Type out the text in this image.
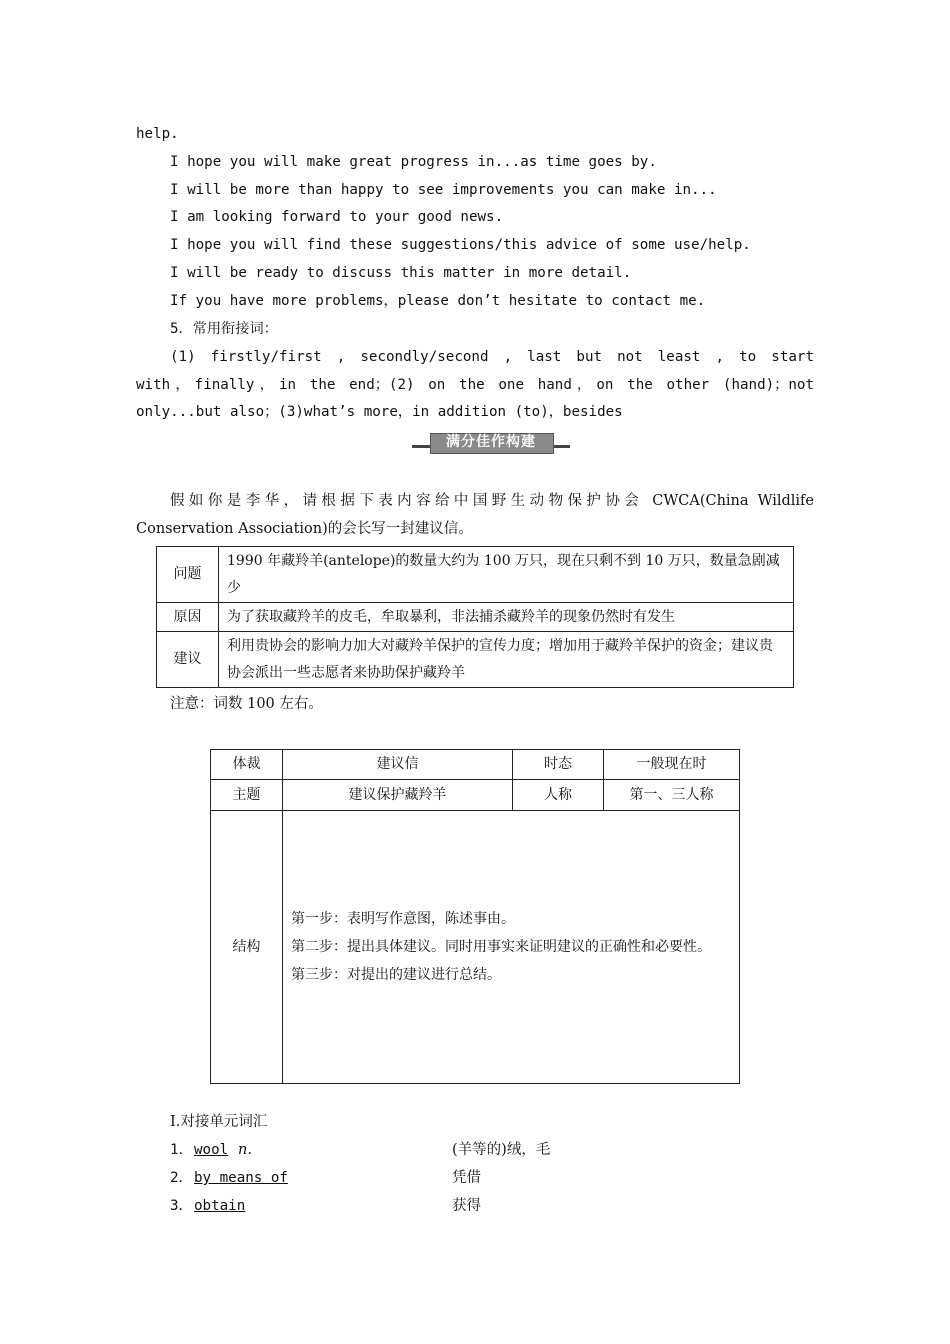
help.
I hope you will make great progress in...as time goes by.
I will be more than happy to see improvements you can make in...
I am looking forward to your good news.
I hope you will find these suggestions/this advice of some use/help.
I will be ready to discuss this matter in more detail.
If you have more problems，please don’t hesitate to contact me.
5．常用衔接词：
(1) firstly/first , secondly/second , last but not least , to start
with，finally，in the end；(2) on the one hand，on the other (hand)；not
only...but also；(3)what’s more，in addition (to)，besides
满分佳作构建
假如你是李华，请根据下表内容给中国野生动物保护协会 CWCA(China Wildlife
Conservation Association)的会长写一封建议信。
问题	1990 年藏羚羊(antelope)的数量大约为 100 万只，现在只剩不到 10 万只，数量急剧减少
原因	为了获取藏羚羊的皮毛，牟取暴利，非法捕杀藏羚羊的现象仍然时有发生
建议	利用贵协会的影响力加大对藏羚羊保护的宣传力度；增加用于藏羚羊保护的资金；建议贵协会派出一些志愿者来协助保护藏羚羊
注意：词数 100 左右。
体裁	建议信	时态	一般现在时
主题	建议保护藏羚羊	人称	第一、三人称
结构	第一步：表明写作意图，陈述事由。
第二步：提出具体建议。同时用事实来证明建议的正确性和必要性。
第三步：对提出的建议进行总结。		
Ⅰ.对接单元词汇
1． wool n.	(羊等的)绒，毛
2． by means of	凭借
3． obtain	获得
